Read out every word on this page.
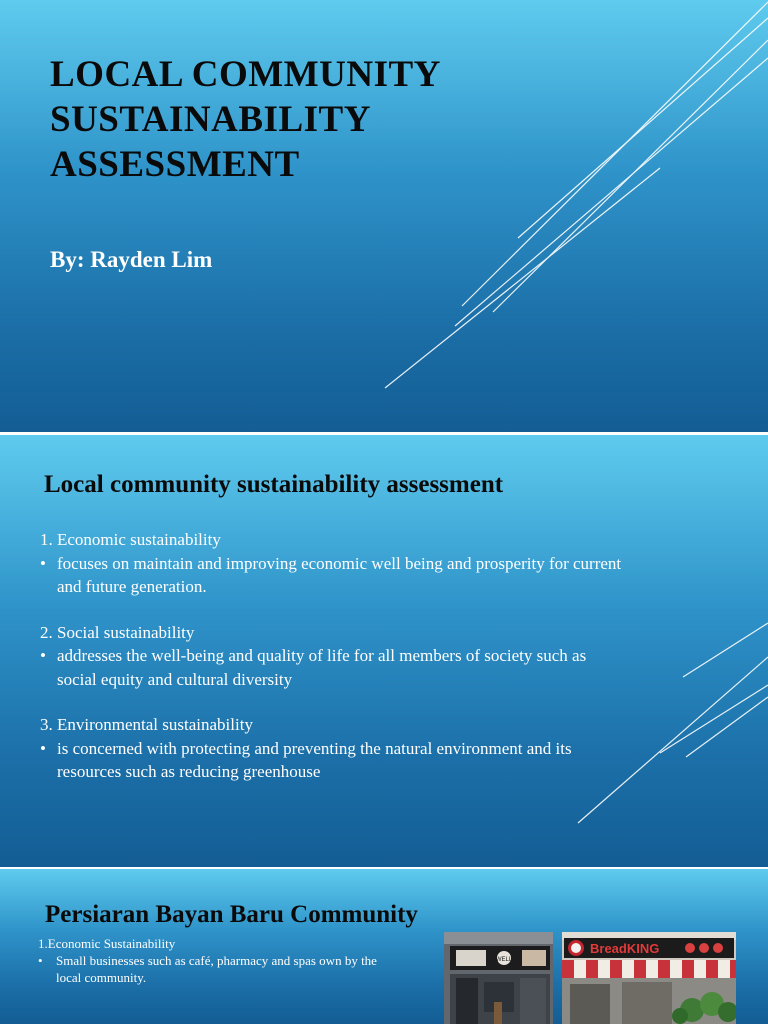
LOCAL COMMUNITY
SUSTAINABILITY
ASSESSMENT
By: Rayden Lim
Local community sustainability assessment

1. Economic sustainability

• focuses on maintain and improving economic well being and prosperity for current
and future generation.

2. Social sustainability

• addresses the well-being and quality of life for all members of society such as
social equity and cultural diversity

3. Environmental sustainability

• is concerned with protecting and preventing the natural environment and its
resources such as reducing greenhouse
Persiaran Bayan Baru Community
1.Economic Sustainability
• Small businesses such as café, pharmacy and spas own by the
local community.
WELL
BreadKING
